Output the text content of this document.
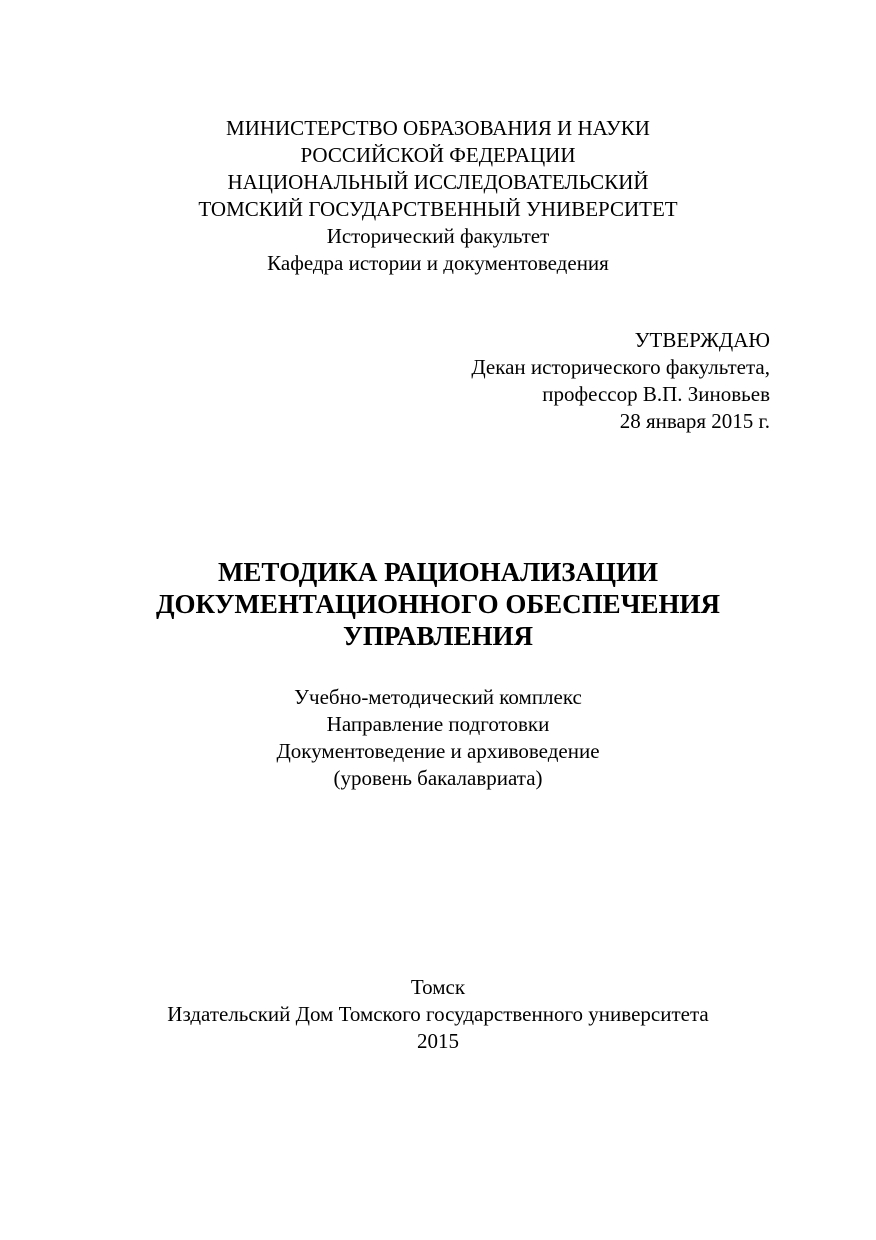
МИНИСТЕРСТВО ОБРАЗОВАНИЯ И НАУКИ
РОССИЙСКОЙ ФЕДЕРАЦИИ
НАЦИОНАЛЬНЫЙ ИССЛЕДОВАТЕЛЬСКИЙ
ТОМСКИЙ ГОСУДАРСТВЕННЫЙ УНИВЕРСИТЕТ
Исторический факультет
Кафедра истории и документоведения
УТВЕРЖДАЮ
Декан исторического факультета,
профессор В.П. Зиновьев
28 января 2015 г.
МЕТОДИКА РАЦИОНАЛИЗАЦИИ
ДОКУМЕНТАЦИОННОГО ОБЕСПЕЧЕНИЯ
УПРАВЛЕНИЯ
Учебно-методический комплекс
Направление подготовки
Документоведение и архивоведение
(уровень бакалавриата)
Томск
Издательский Дом Томского государственного университета
2015
